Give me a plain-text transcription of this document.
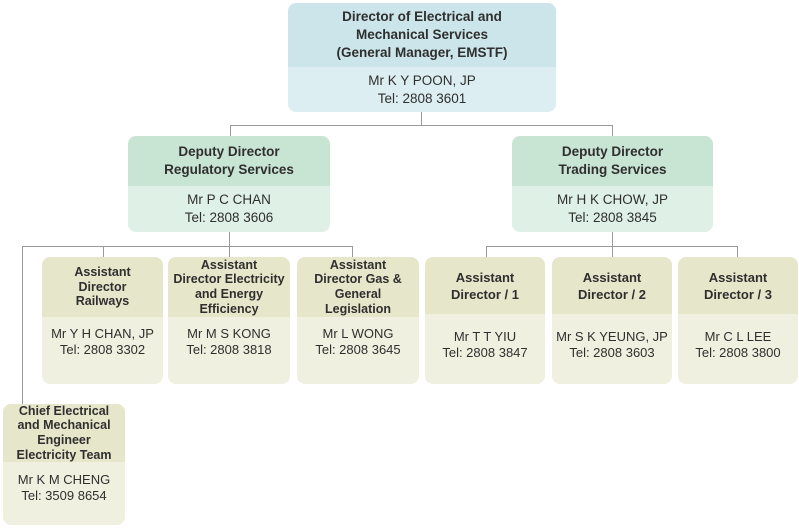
Director of Electrical and
Mechanical Services
(General Manager, EMSTF)
Mr K Y POON, JP
Tel: 2808 3601
Deputy Director
Regulatory Services
Mr P C CHAN
Tel: 2808 3606
Deputy Director
Trading Services
Mr H K CHOW, JP
Tel: 2808 3845
Assistant
Director
Railways
Mr Y H CHAN, JP
Tel: 2808 3302
Assistant
Director Electricity
and Energy
Efficiency
Mr M S KONG
Tel: 2808 3818
Assistant
Director Gas &
General
Legislation
Mr L WONG
Tel: 2808 3645
Assistant
Director / 1
Mr T T YIU
Tel: 2808 3847
Assistant
Director / 2
Mr S K YEUNG, JP
Tel: 2808 3603
Assistant
Director / 3
Mr C L LEE
Tel: 2808 3800
Chief Electrical
and Mechanical
Engineer
Electricity Team
Mr K M CHENG
Tel: 3509 8654
